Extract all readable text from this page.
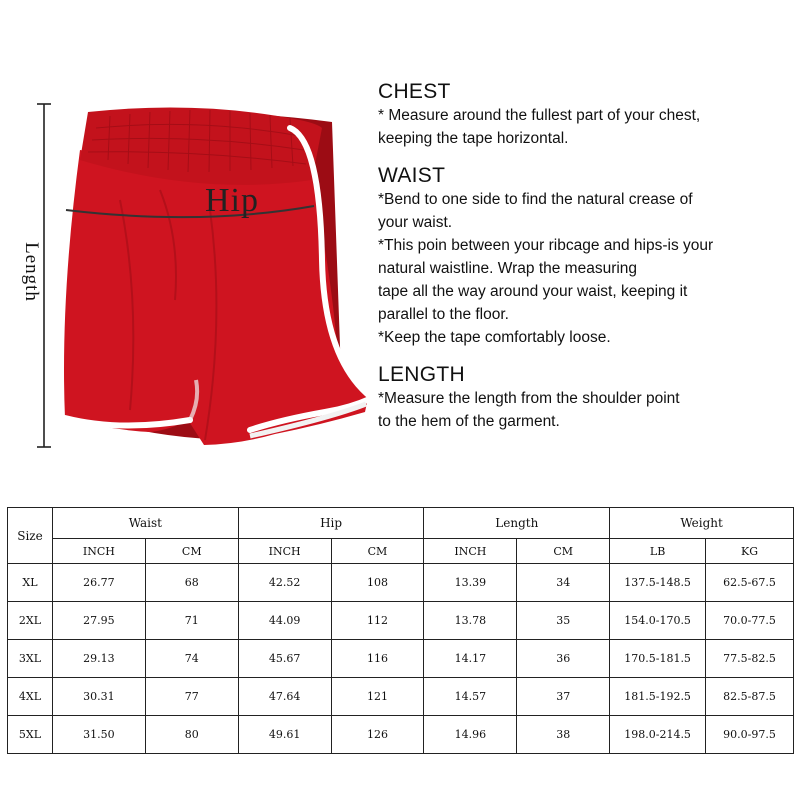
Length
Hip
CHEST

* Measure around the fullest part of your chest,

keeping the tape horizontal.

WAIST

*Bend to one side to find the natural crease of

your waist.

*This poin between your ribcage and hips-is your

natural waistline. Wrap the measuring

tape all the way around your waist, keeping it

parallel to the floor.

*Keep the tape comfortably loose.

LENGTH

*Measure the length from the shoulder point

to the hem of the garment.

Size	Waist		Hip		Length		Weight	
	INCH	CM	INCH	CM	INCH	CM	LB	KG
XL	26.77	68	42.52	108	13.39	34	137.5-148.5	62.5-67.5
2XL	27.95	71	44.09	112	13.78	35	154.0-170.5	70.0-77.5
3XL	29.13	74	45.67	116	14.17	36	170.5-181.5	77.5-82.5
4XL	30.31	77	47.64	121	14.57	37	181.5-192.5	82.5-87.5
5XL	31.50	80	49.61	126	14.96	38	198.0-214.5	90.0-97.5
